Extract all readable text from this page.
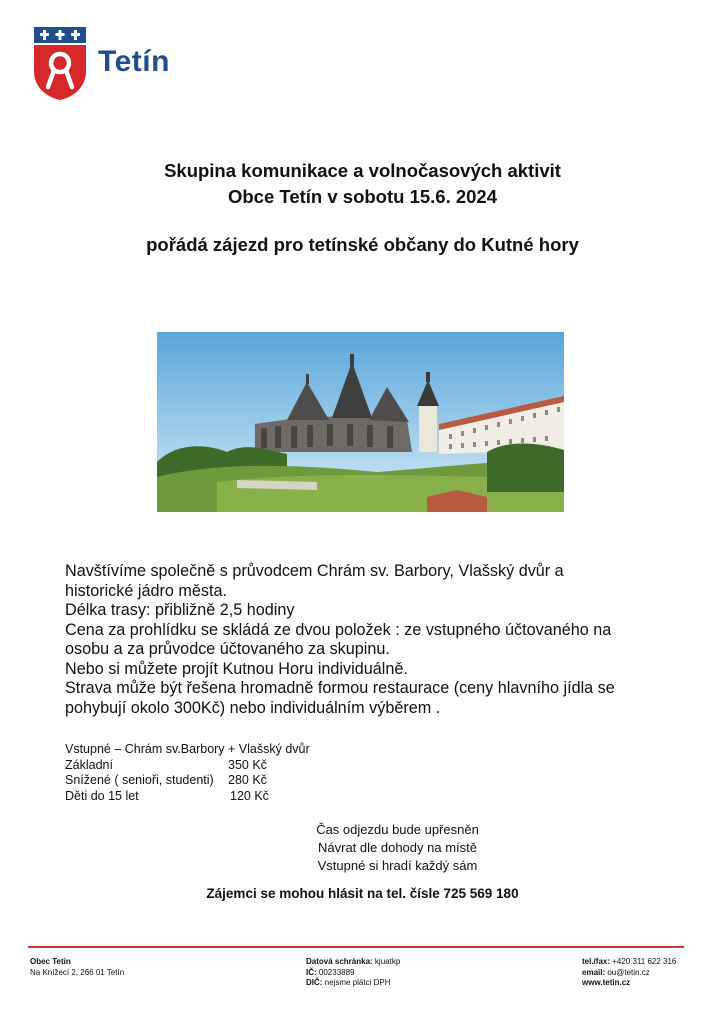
Tetín
Skupina komunikace a volnočasových aktivit
Obce Tetín v sobotu 15.6. 2024
pořádá zájezd pro tetínské občany do Kutné hory

Navštívíme společně s průvodcem Chrám sv. Barbory, Vlašský dvůr a

historické jádro města.

Délka trasy: přibližně 2,5 hodiny

Cena za prohlídku se skládá ze dvou položek : ze vstupného účtovaného na

osobu a za průvodce účtovaného za skupinu.

Nebo si můžete projít Kutnou Horu individuálně.

Strava může být řešena hromadně formou restaurace (ceny hlavního jídla se

pohybují okolo 300Kč) nebo individuálním výběrem .

Vstupné – Chrám sv.Barbory + Vlašský dvůr
Základní	350 Kč
Snížené ( senioři, studenti) 280 Kč
Děti do 15 let	120 Kč

Čas odjezdu bude upřesněn

Návrat dle dohody na místě

Vstupné si hradí každý sám

Zájemci se mohou hlásit na tel. čísle 725 569 180

Obec Tetín

Na Knížecí 2, 266 01 Tetín

Datová schránka: kjuatkp

IČ: 00233889

DIČ: nejsme plátci DPH

tel./fax: +420 311 622 316

email: ou@tetin.cz

www.tetin.cz
